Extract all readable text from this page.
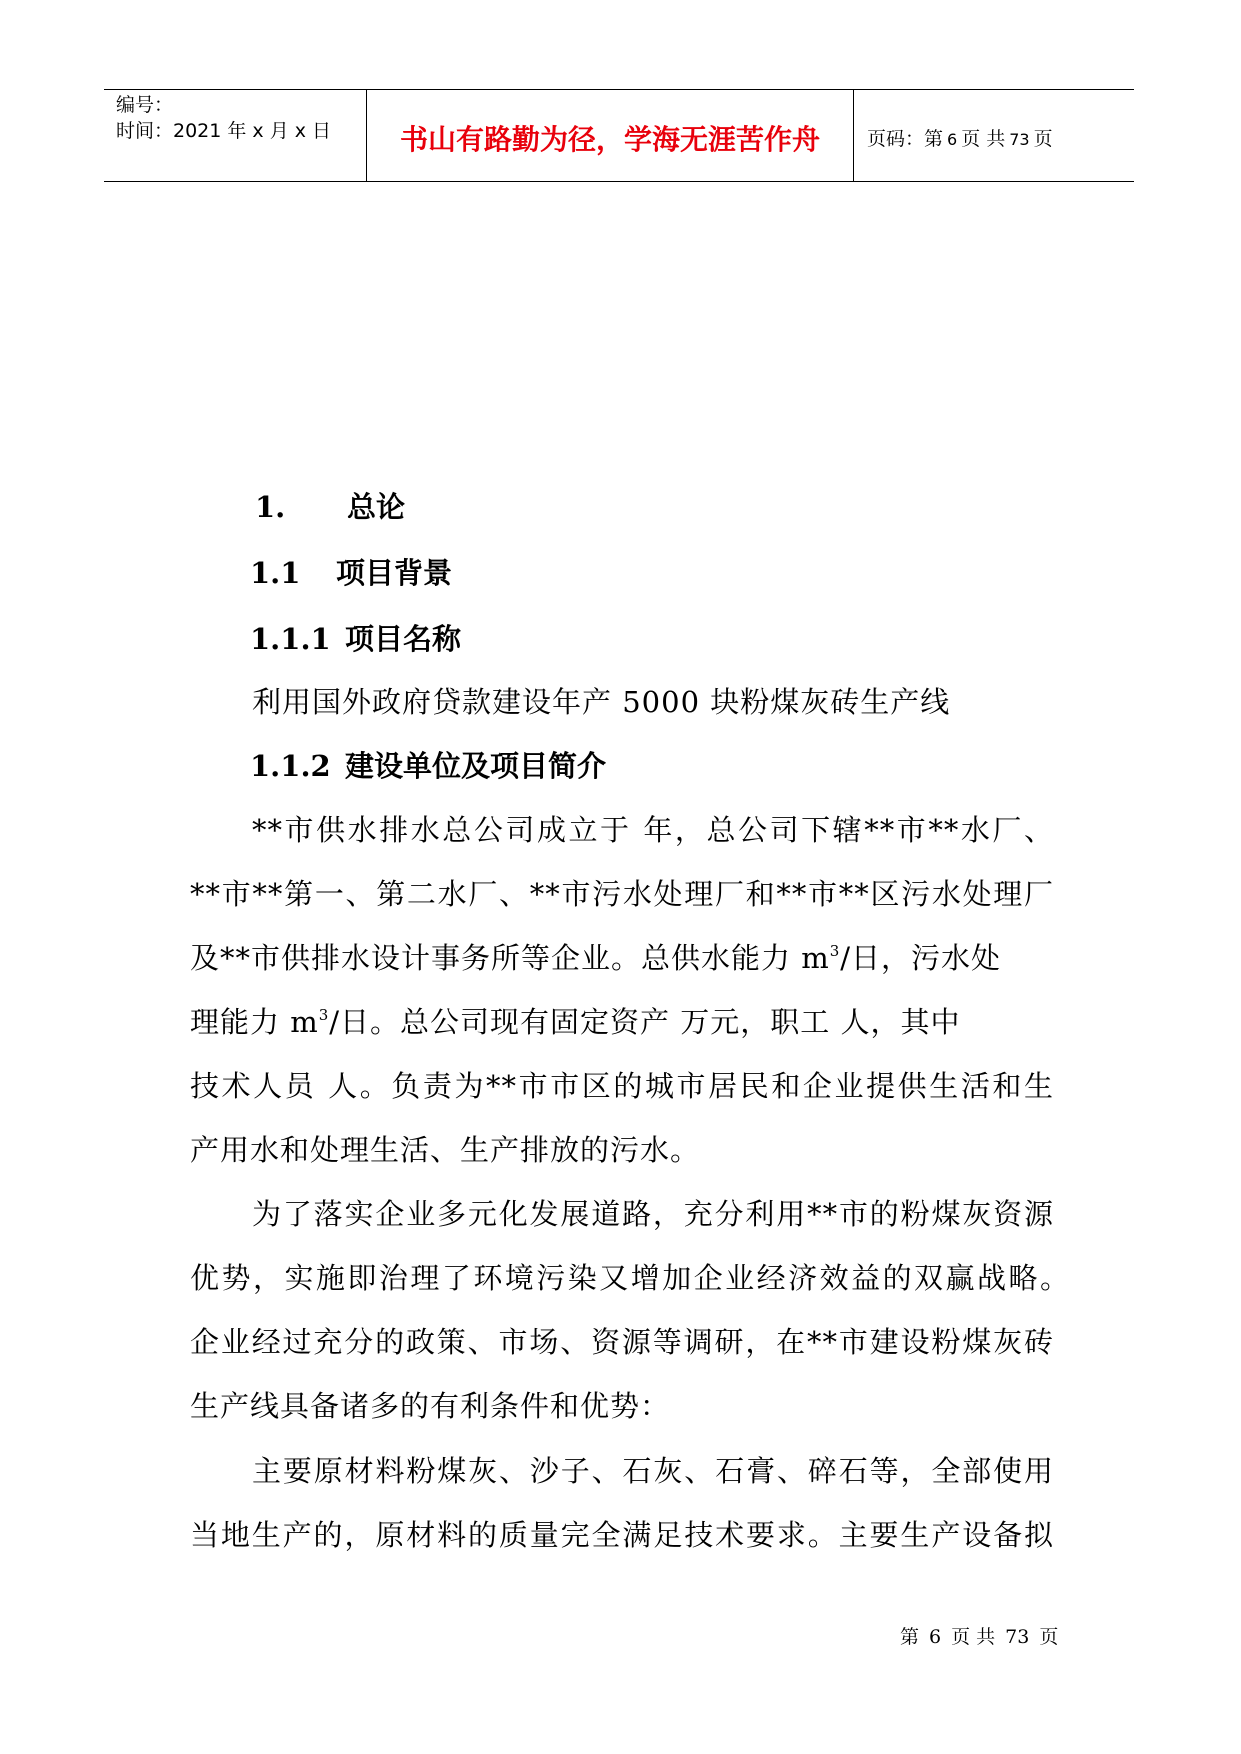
编号：
时间：2021 年 x 月 x 日	书山有路勤为径，学海无涯苦作舟	页码：第 6 页 共 73 页
1. 总论
1.1 项目背景
1.1.1 项目名称
利用国外政府贷款建设年产 5000 块粉煤灰砖生产线
1.1.2 建设单位及项目简介
**市供水排水总公司成立于 年，总公司下辖**市**水厂、
**市**第一、第二水厂、**市污水处理厂和**市**区污水处理厂
及**市供排水设计事务所等企业。总供水能力 $m^3/$日，污水处
理能力 $m^3/$日。总公司现有固定资产 万元，职工 人，其中
技术人员 人。负责为**市市区的城市居民和企业提供生活和生
产用水和处理生活、生产排放的污水。
为了落实企业多元化发展道路，充分利用**市的粉煤灰资源
优势，实施即治理了环境污染又增加企业经济效益的双赢战略。
企业经过充分的政策、市场、资源等调研，在**市建设粉煤灰砖
生产线具备诸多的有利条件和优势：
主要原材料粉煤灰、沙子、石灰、石膏、碎石等，全部使用
当地生产的，原材料的质量完全满足技术要求。主要生产设备拟
第 6 页 共 73 页
